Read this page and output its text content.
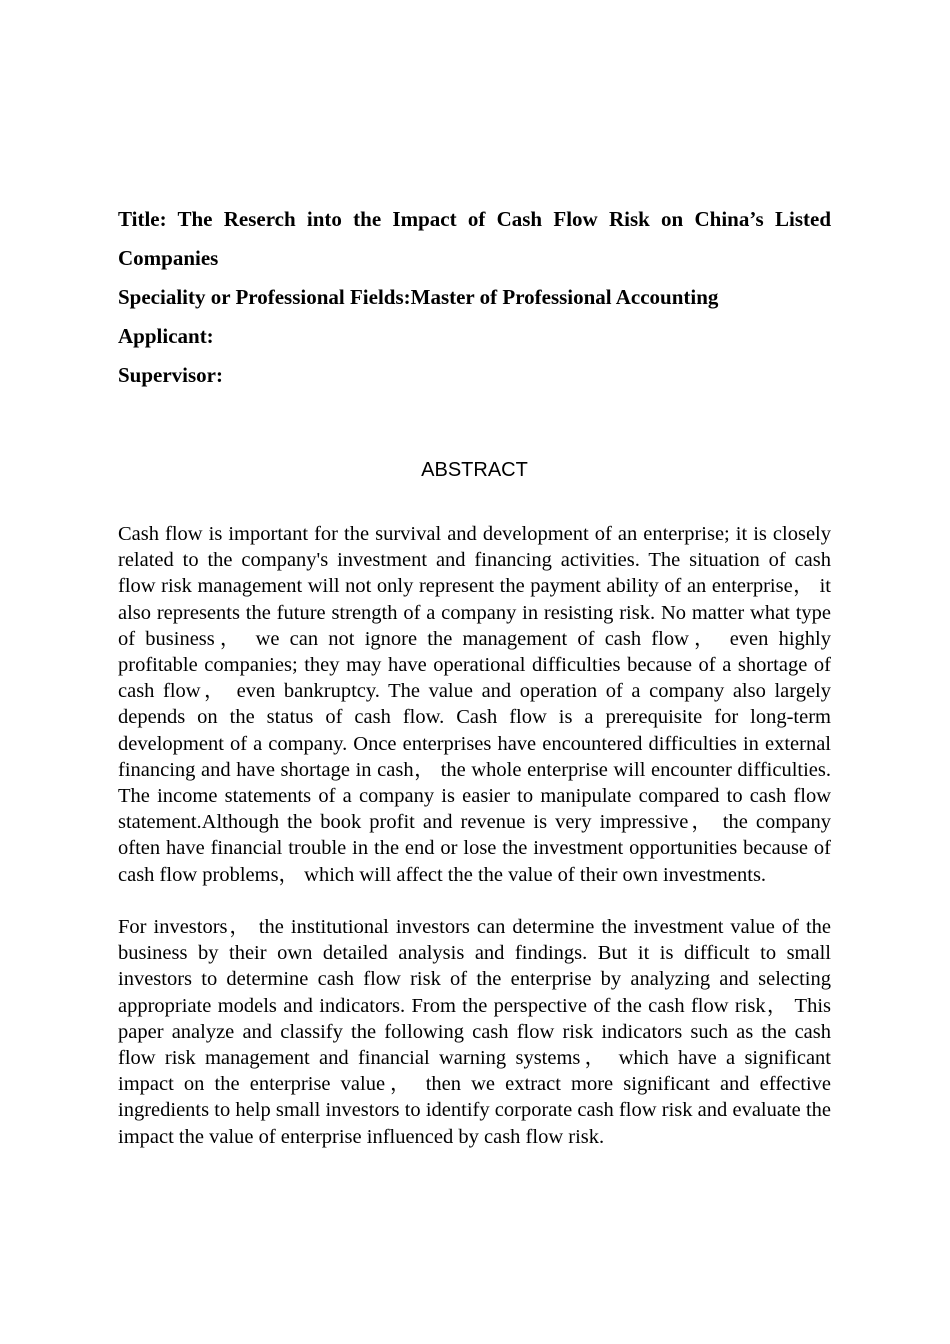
Title: The Reserch into the Impact of Cash Flow Risk on China’s Listed Companies

Speciality or Professional Fields:Master of Professional Accounting

Applicant:

Supervisor:

ABSTRACT

Cash flow is important for the survival and development of an enterprise; it is closely related to the company's investment and financing activities. The situation of cash flow risk management will not only represent the payment ability of an enterprise， it also represents the future strength of a company in resisting risk. No matter what type of business， we can not ignore the management of cash flow， even highly profitable companies; they may have operational difficulties because of a shortage of cash flow， even bankruptcy. The value and operation of a company also largely depends on the status of cash flow. Cash flow is a prerequisite for long-term development of a company. Once enterprises have encountered difficulties in external financing and have shortage in cash， the whole enterprise will encounter difficulties. The income statements of a company is easier to manipulate compared to cash flow statement.Although the book profit and revenue is very impressive， the company often have financial trouble in the end or lose the investment opportunities because of cash flow problems， which will affect the the value of their own investments.

For investors， the institutional investors can determine the investment value of the business by their own detailed analysis and findings. But it is difficult to small investors to determine cash flow risk of the enterprise by analyzing and selecting appropriate models and indicators. From the perspective of the cash flow risk， This paper analyze and classify the following cash flow risk indicators such as the cash flow risk management and financial warning systems， which have a significant impact on the enterprise value， then we extract more significant and effective ingredients to help small investors to identify corporate cash flow risk and evaluate the impact the value of enterprise influenced by cash flow risk.
